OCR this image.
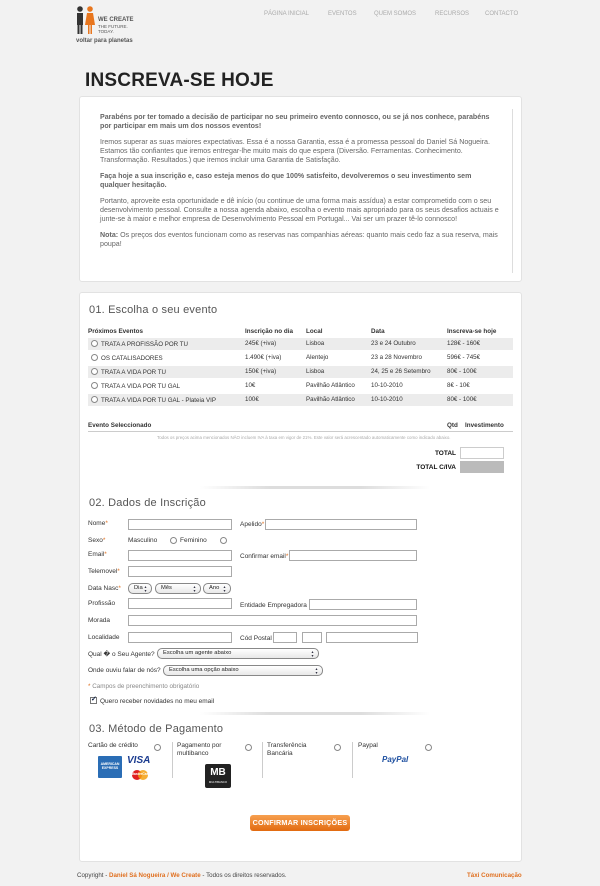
WE CREATE
THE FUTURE.
TODAY.
voltar para planetas
PÁGINA INICIAL	EVENTOS	QUEM SOMOS	RECURSOS	CONTACTO
INSCREVA-SE HOJE

Parabéns por ter tomado a decisão de participar no seu primeiro evento connosco, ou se já nos conhece, parabéns por participar em mais um dos nossos eventos!

Iremos superar as suas maiores expectativas. Essa é a nossa Garantia, essa é a promessa pessoal do Daniel Sá Nogueira. Estamos tão confiantes que iremos entregar-lhe muito mais do que espera (Diversão. Ferramentas. Conhecimento. Transformação. Resultados.) que iremos incluir uma Garantia de Satisfação.

Faça hoje a sua inscrição e, caso esteja menos do que 100% satisfeito, devolveremos o seu investimento sem qualquer hesitação.

Portanto, aproveite esta oportunidade e dê início (ou continue de uma forma mais assídua) a estar comprometido com o seu desenvolvimento pessoal. Consulte a nossa agenda abaixo, escolha o evento mais apropriado para os seus desafios actuais e junte-se à maior e melhor empresa de Desenvolvimento Pessoal em Portugal... Vai ser um prazer tê-lo connosco!

Nota: Os preços dos eventos funcionam como as reservas nas companhias aéreas: quanto mais cedo faz a sua reserva, mais poupa!

01. Escolha o seu evento
Próximos Eventos	Inscrição no dia Local	Data	Inscreva-se hoje
TRATA A PROFISSÃO POR TU	245€ (+iva)	Lisboa	23 e 24 Outubro	128€ - 160€
OS CATALISADORES	1.490€ (+iva)	Alentejo	23 a 28 Novembro	596€ - 745€
TRATA A VIDA POR TU	150€ (+iva)	Lisboa	24, 25 e 26 Setembro	80€ - 100€
TRATA A VIDA POR TU GAL	10€	Pavilhão Atlântico	10-10-2010	8€ - 10€
TRATA A VIDA POR TU GAL - Plateia VIP	100€	Pavilhão Atlântico	10-10-2010	80€ - 100€
Evento Seleccionado	Qtd Investimento
Todos os preços acima mencionados NÃO incluem IVA à taxa em vigor de 21%. Este valor será acrescentado automaticamente como indicado abaixo.
TOTAL
TOTAL C/IVA
02. Dados de Inscrição
Nome*	Apelido*
Sexo*	Masculino	Feminino
Email*	Confirmar email*
Telemovel*
Data Nasc*	Dia ▴▾	Mês ▴▾	Ano ▴▾
Profissão	Entidade Empregadora
Morada
Localidade	Cód Postal
Qual � o Seu Agente?	Escolha um agente abaixo ▴▾
Onde ouviu falar de nós?	Escolha uma opção abaixo ▴▾
* Campos de preenchimento obrigatório
✓Quero receber novidades no meu email
03. Método de Pagamento
Cartão de crédito
AMERICAN EXPRESS
VISA
MasterCard
Pagamento por multibanco
MB
MULTIBANCO
Transferência Bancária
Paypal
PayPal
CONFIRMAR INSCRIÇÕES
Copyright - Daniel Sá Nogueira / We Create - Todos os direitos reservados.	Táxi Comunicação
